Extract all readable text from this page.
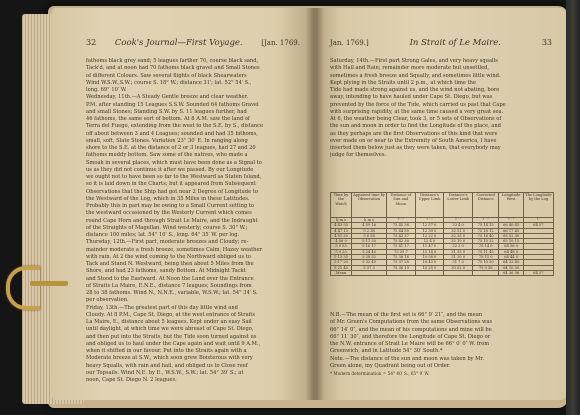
32 Cook's Journal—First Voyage.	[Jan. 1769.
fathoms black grey sand; 5 leagues farther 70, course black sand,
Tack'd, and at noon had 70 fathoms black gravel and Small Stones
of different Colours. Saw several flights of black Shearwaters
Wind W.S.W.,S.W.; course S. 18° W.; distance 31′; lat. 52° 54′ S.,
long. 69° 10′ W.
Wednesday, 11th.—A Steady Gentle breeze and clear weather.
P.M. after standing 15 Leagues S.S.W. Sounded 64 fathoms Gravel
and small Stones; Standing S.W. by S. 11 leagues further, had
46 fathoms, the same sort of bottom. At 8 A.M. saw the land of
Terra del Fuego, extending from the west to the S.E. by S., distance
off about between 3 and 4 Leagues; sounded and had 35 fathoms,
small, soft, Slate Stones. Variation 23° 30′ E. In ranging along
shore to the S.E. at the distance of 2 or 3 leagues, had 27 and 20
fathoms muddy bottom. Saw some of the natives, who made a
Smoak in several places, which must have been done as a Signal to
us as they did not continue it after we passed. By our Longitude
we ought not to have been so far to the Westward as Staten Island,
so it is laid down in the Charts; but it appeared from Subsequent
Observations that the Ship had got near 2 Degree of Longitude to
the Westward of the Log, which in 35 Miles in these Latitudes.
Probably this in part may be owing to a Small Current setting to
the westward occasioned by the Westerly Current which comes
round Cape Horn and through Strait Le Maire, and the Indraught
of the Straights of Magellan. Wind westerly; course S. 30° W.;
distance 100 miles; lat. 54° 10′ S., long. 64° 35′ W. per log.
Thursday, 12th.—First part, moderate breezes and Cloudy; re-
mainder moderate a fresh breeze, sometimes Calm, Hazey weather
with rain. At 2 the wind coming to the Northward obliged us to
Tack and Stand N. Westward, being then about 5 Miles from the
Shore, and had 23 fathoms, sandy Bottom. At Midnight Tackt
and Stood to the Eastward. At Noon the Land over the Entrance
of Straits La Maire, E.N.E., distance 7 leagues; Soundings from
28 to 38 fathoms. Wind N., N.N.E., variable, W.S.W.; lat. 54° 34′ S.
per observation.
Friday, 13th.—The greatest part of this day little wind and
Cloudy. At 8 P.M., Cape St. Diego, at the west entrance of Straits
La Maire, E., distance about 5 leagues. Kept under an easy Sail
until daylight, at which time we were abreast of Cape St. Diego,
and then put into the Straits, but the Tide soon turned against us
and obliged us to haul under the Cape again and wait until 9 A.M.,
when it shifted in our favour. Put into the Straits again with a
Moderate breeze at S.W., which soon grew Boisterous with very
heavy Squalls, with rain and hail, and obliged us to Close reef
our Topsails. Wind N.E. by E., W.S.W., S.W.; lat. 54° 39′ S.; at
noon, Cape St. Diego N. 2 leagues.
Jan. 1769.]	In Strait of Le Maire.	33
Saturday, 14th.—First part Strong Gales, and very heavy squalls
with Hail and Rain; remainder more moderate but unsettled,
sometimes a fresh breeze and Squally, and sometimes little wind.
Kept plying in the Straits until 2 p.m., at which time the
Tide had made strong against us, and the wind not abating, bore
away, intending to have hauled under Cape St. Diego, but was
prevented by the force of the Tide, which carried us past that Cape
with surprising rapidity, at the same time caused a very great sea.
At 6, the weather being Clear, took 3, or 5 sets of Observations of
the sun and moon in order to find the Longitude of the place, and
as they perhaps are the first Observations of this kind that were
ever made on or near to the Extremity of South America, I have
inserted them below just as they were taken, that everybody may
judge for themselves.
Time by the Watch	Apparent time by Observation	Distance of Sun and Moon	Distance's Upper Limb	Distance's Lower Limb	Corrected Distance	Longitude West	The Longitude by the Log
h m s	h m s	° ′ ″	° ′ ″	° ′ ″	° ′ ″	° ′ ″	° ′
4 43 55	4 59 16	75 45 38	12 57 0	33 4 0	75 14 15	66 40 45	64 57
4 47 15	5 2 38	75 44 50	12 39 0	32 51 0	75 18 12	66 17 45	
4 51 35	5 6 58	75 43 37	12 22 0	32 35 0	75 16 40	65 52 30	
4 56 0	5 11 20	75 42 30	12 4 0	32 19 0	75 15 22	65 10 15	
5 0 55	5 16 17	75 41 17	11 47 0	32 2 0	75 14 0	64 56 0	
5 9 25	5 24 40	75 39 7	11 14 0	31 35 0	75 11 45	64 48 0	
5 13 35	5 28 52	75 38 16	10 58 0	31 20 0	75 11 0	64 44 0	
5 17 20	5 32 40	75 37 28	10 43 0	31 7 0	75 10 20	64 32 45	
5 21 45	5 37 3	75 36 19	10 25 0	30 52 0	75 9 36	64 10 30	
Mean						64 36 56	64 57
N.B.—The mean of the first set is 66° 9′ 21″, and the mean
of Mr. Green's Computations from the same Observations was
66° 14′ 0″, and the mean of his computations and mine will be
66° 11′ 30″, and therefore the Longitude of Cape St. Diego or
the N.W. entrance of Strait Le Maire will be 66° 0′ 0″ W. from
Greenwich, and in Latitude 54° 30′ South.*
Note.—The distance of the sun and moon was taken by Mr.
Green alone, my Quadrant being out of Order.
* Modern determination = 54° 40′ S., 65° 9′ W.
